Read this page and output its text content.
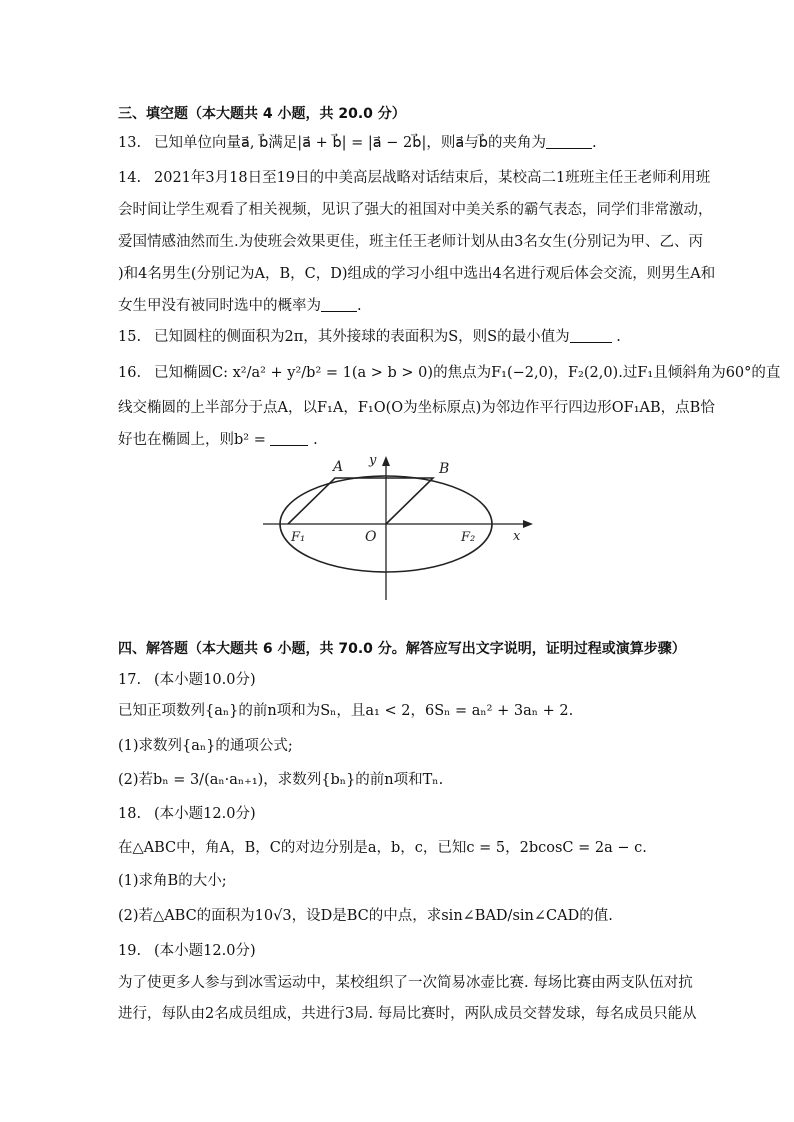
三、填空题（本大题共 4 小题，共 20.0 分）
13. 已知单位向量a⃗, b⃗满足|a⃗ + b⃗| = |a⃗ − 2b⃗|，则a⃗与b⃗的夹角为	.
14. 2021年3月18日至19日的中美高层战略对话结束后，某校高二1班班主任王老师利用班
会时间让学生观看了相关视频，见识了强大的祖国对中美关系的霸气表态，同学们非常激动，
爱国情感油然而生.为使班会效果更佳，班主任王老师计划从由3名女生(分别记为甲、乙、丙
)和4名男生(分别记为A，B，C，D)组成的学习小组中选出4名进行观后体会交流，则男生A和
女生甲没有被同时选中的概率为 .
15. 已知圆柱的侧面积为2π，其外接球的表面积为S，则S的最小值为	.
16. 已知椭圆C: x²/a² + y²/b² = 1(a > b > 0)的焦点为F₁(−2,0)，F₂(2,0).过F₁且倾斜角为60°的直
线交椭圆的上半部分于点A，以F₁A，F₁O(O为坐标原点)为邻边作平行四边形OF₁AB，点B恰
好也在椭圆上，则b² =	.
A	B
y
x
O
F₁	F₂
四、解答题（本大题共 6 小题，共 70.0 分。解答应写出文字说明，证明过程或演算步骤）
17. (本小题10.0分)
已知正项数列{aₙ}的前n项和为Sₙ，且a₁ < 2，6Sₙ = aₙ² + 3aₙ + 2.
(1)求数列{aₙ}的通项公式;
(2)若bₙ = 3/(aₙ·aₙ₊₁)，求数列{bₙ}的前n项和Tₙ.
18. (本小题12.0分)
在△ABC中，角A，B，C的对边分别是a，b，c，已知c = 5，2bcosC = 2a − c.
(1)求角B的大小;
(2)若△ABC的面积为10√3，设D是BC的中点，求sin∠BAD/sin∠CAD的值.
19. (本小题12.0分)
为了使更多人参与到冰雪运动中，某校组织了一次简易冰壶比赛. 每场比赛由两支队伍对抗
进行，每队由2名成员组成，共进行3局. 每局比赛时，两队成员交替发球，每名成员只能从
